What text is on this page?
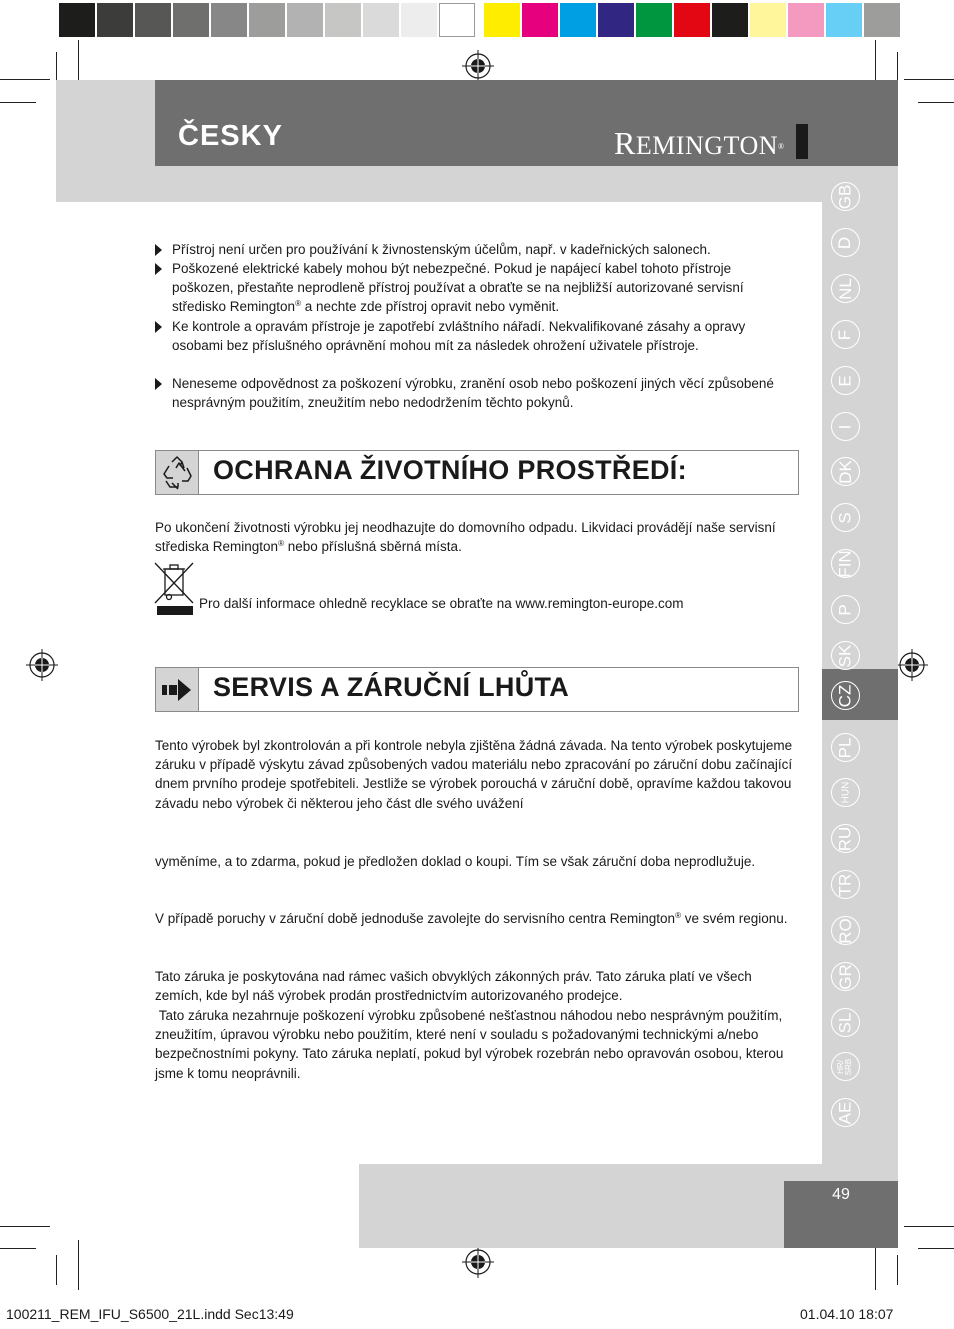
ČESKY	REMINGTON®
GB
D
NL
F
E
I
DK
S
FIN
P
SK
CZ
PL
HUN
RU
TR
RO
GR
SL
HR/
SRB
AE
Přístroj není určen pro používání k živnostenským účelům, např. v kadeřnických salonech.
Poškozené elektrické kabely mohou být nebezpečné. Pokud je napájecí kabel tohoto přístroje poškozen, přestaňte neprodleně přístroj používat a obraťte se na nejbližší autorizované servisní středisko Remington® a nechte zde přístroj opravit nebo vyměnit.
Ke kontrole a opravám přístroje je zapotřebí zvláštního nářadí. Nekvalifikované zásahy a opravy osobami bez příslušného oprávnění mohou mít za následek ohrožení uživatele přístroje.
Neneseme odpovědnost za poškození výrobku, zranění osob nebo poškození jiných věcí způsobené nesprávným použitím, zneužitím nebo nedodržením těchto pokynů.
OCHRANA ŽIVOTNÍHO PROSTŘEDÍ:
Po ukončení životnosti výrobku jej neodhazujte do domovního odpadu. Likvidaci provádějí naše servisní střediska Remington® nebo příslušná sběrná místa.
Pro další informace ohledně recyklace se obraťte na www.remington-europe.com
SERVIS A ZÁRUČNÍ LHŮTA
Tento výrobek byl zkontrolován a při kontrole nebyla zjištěna žádná závada. Na tento výrobek poskytujeme záruku v případě výskytu závad způsobených vadou materiálu nebo zpracování po záruční dobu začínající dnem prvního prodeje spotřebiteli. Jestliže se výrobek porouchá v záruční době, opravíme každou takovou závadu nebo výrobek či některou jeho část dle svého uvážení
vyměníme, a to zdarma, pokud je předložen doklad o koupi. Tím se však záruční doba neprodlužuje.
V případě poruchy v záruční době jednoduše zavolejte do servisního centra Remington® ve svém regionu.
Tato záruka je poskytována nad rámec vašich obvyklých zákonných práv. Tato záruka platí ve všech zemích, kde byl náš výrobek prodán prostřednictvím autorizovaného prodejce.
Tato záruka nezahrnuje poškození výrobku způsobené nešťastnou náhodou nebo nesprávným použitím, zneužitím, úpravou výrobku nebo použitím, které není v souladu s požadovanými technickými a/nebo bezpečnostními pokyny. Tato záruka neplatí, pokud byl výrobek rozebrán nebo opravován osobou, kterou jsme k tomu neoprávnili.
49
100211_REM_IFU_S6500_21L.indd Sec13:49	01.04.10 18:07
